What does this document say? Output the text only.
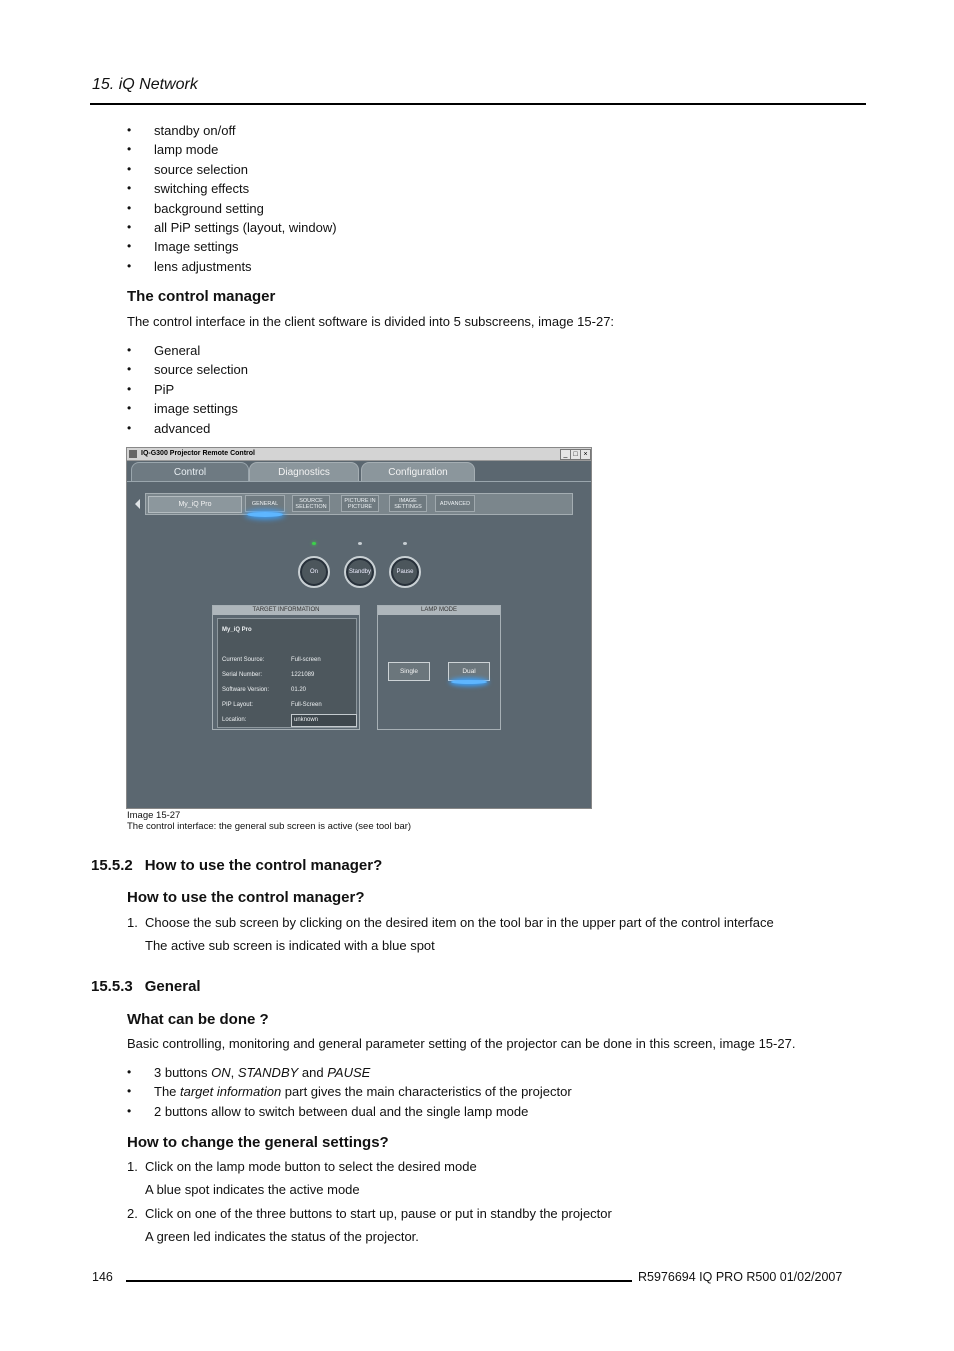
15. iQ Network
• standby on/off
• lamp mode
• source selection
• switching effects
• background setting
• all PiP settings (layout, window)
• Image settings
• lens adjustments
The control manager
The control interface in the client software is divided into 5 subscreens, image 15-27:
• General
• source selection
• PiP
• image settings
• advanced
IQ-G300 Projector Remote Control	_ □ ×
Control	Diagnostics	Configuration
My_iQ Pro	GENERAL	SOURCE SELECTION
PICTURE IN PICTURE
IMAGE SETTINGS	ADVANCED
On	Standby	Pause
TARGET INFORMATION
My_iQ Pro
Current Source:	Full-screen
Serial Number:	1221089
Software Version:	01.20
PIP Layout:	Full-Screen
Location:	unknown
LAMP MODE
Single	Dual
Image 15-27
The control interface: the general sub screen is active (see tool bar)
15.5.2 How to use the control manager?
How to use the control manager?
1. Choose the sub screen by clicking on the desired item on the tool bar in the upper part of the control interface
The active sub screen is indicated with a blue spot
15.5.3 General
What can be done ?
Basic controlling, monitoring and general parameter setting of the projector can be done in this screen, image 15-27.
• 3 buttons ON, STANDBY and PAUSE
• The target information part gives the main characteristics of the projector
• 2 buttons allow to switch between dual and the single lamp mode
How to change the general settings?
1. Click on the lamp mode button to select the desired mode
A blue spot indicates the active mode
2. Click on one of the three buttons to start up, pause or put in standby the projector
A green led indicates the status of the projector.
146	R5976694 IQ PRO R500 01/02/2007
